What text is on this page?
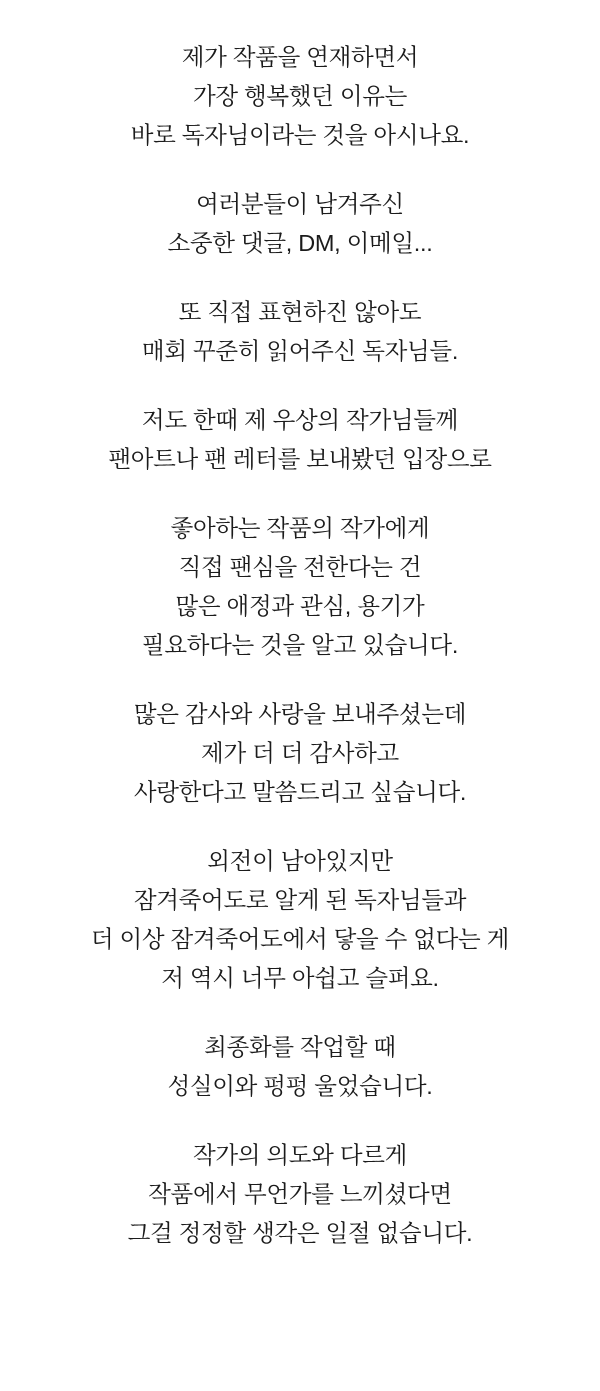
제가 작품을 연재하면서
가장 행복했던 이유는
바로 독자님이라는 것을 아시나요.

여러분들이 남겨주신
소중한 댓글, DM, 이메일...

또 직접 표현하진 않아도
매회 꾸준히 읽어주신 독자님들.

저도 한때 제 우상의 작가님들께
팬아트나 팬 레터를 보내봤던 입장으로

좋아하는 작품의 작가에게
직접 팬심을 전한다는 건
많은 애정과 관심, 용기가
필요하다는 것을 알고 있습니다.

많은 감사와 사랑을 보내주셨는데
제가 더 더 감사하고
사랑한다고 말씀드리고 싶습니다.

외전이 남아있지만
잠겨죽어도로 알게 된 독자님들과
더 이상 잠겨죽어도에서 닿을 수 없다는 게
저 역시 너무 아쉽고 슬퍼요.

최종화를 작업할 때
성실이와 펑펑 울었습니다.

작가의 의도와 다르게
작품에서 무언가를 느끼셨다면
그걸 정정할 생각은 일절 없습니다.
